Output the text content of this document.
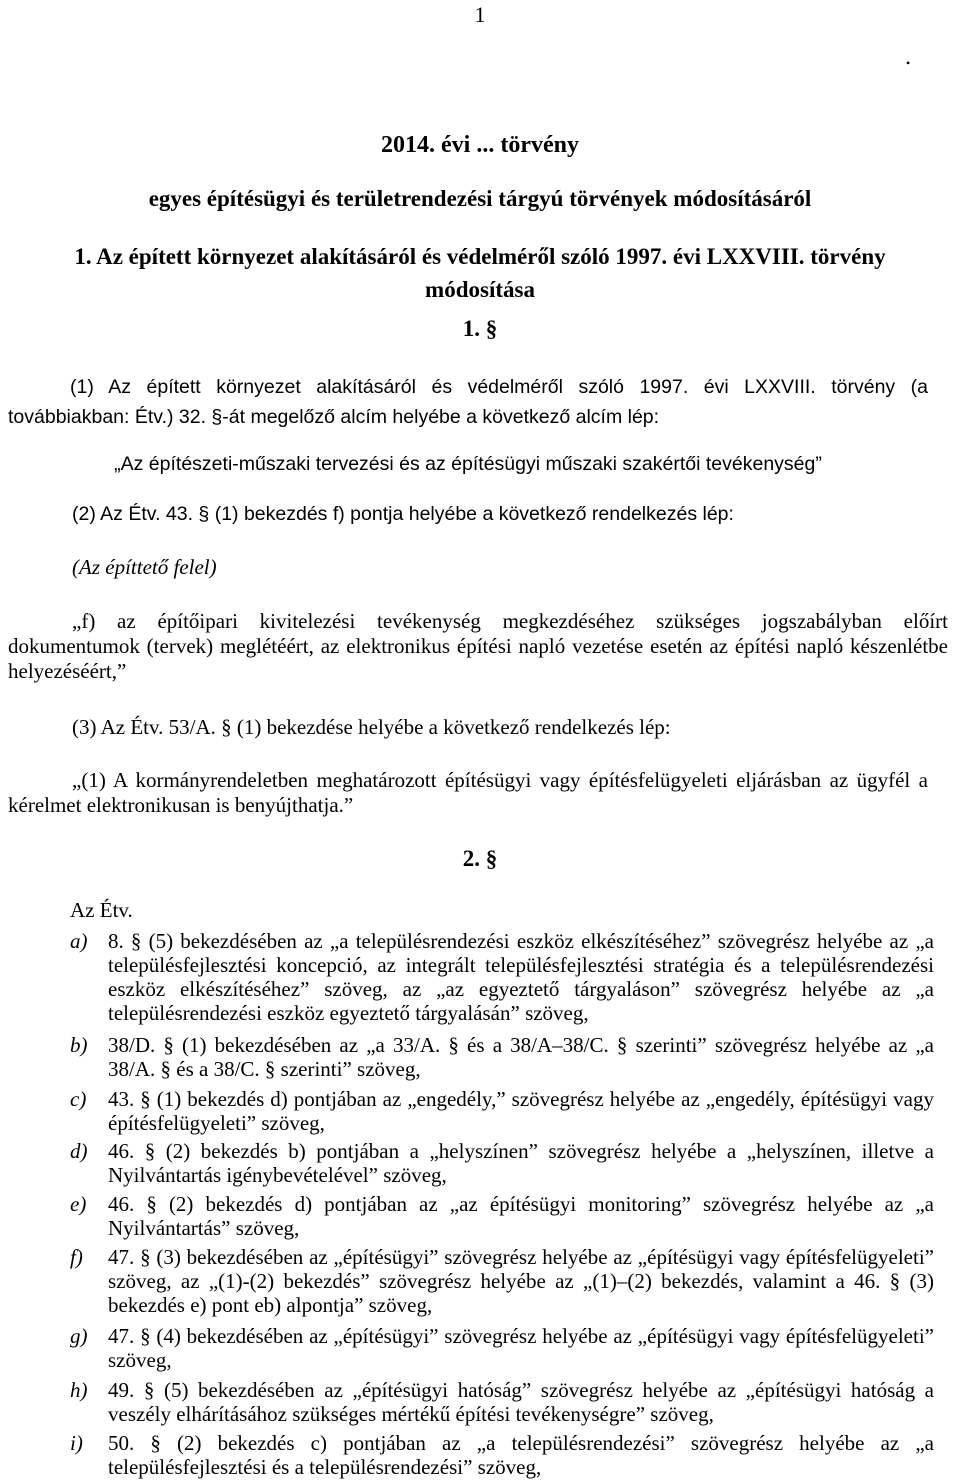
1
•
2014. évi ... törvény
egyes építésügyi és területrendezési tárgyú törvények módosításáról
1. Az épített környezet alakításáról és védelméről szóló 1997. évi LXXVIII. törvény
módosítása
1. §
(1) Az épített környezet alakításáról és védelméről szóló 1997. évi LXXVIII. törvény (a továbbiakban: Étv.) 32. §-át megelőző alcím helyébe a következő alcím lép:
„Az építészeti-műszaki tervezési és az építésügyi műszaki szakértői tevékenység”
(2) Az Étv. 43. § (1) bekezdés f) pontja helyébe a következő rendelkezés lép:
(Az építtető felel)
„f) az építőipari kivitelezési tevékenység megkezdéséhez szükséges jogszabályban előírt dokumentumok (tervek) meglétéért, az elektronikus építési napló vezetése esetén az építési napló készenlétbe helyezéséért,”
(3) Az Étv. 53/A. § (1) bekezdése helyébe a következő rendelkezés lép:
„(1) A kormányrendeletben meghatározott építésügyi vagy építésfelügyeleti eljárásban az ügyfél a kérelmet elektronikusan is benyújthatja.”
2. §
Az Étv.
a) 8. § (5) bekezdésében az „a településrendezési eszköz elkészítéséhez” szövegrész helyébe az „a településfejlesztési koncepció, az integrált településfejlesztési stratégia és a településrendezési eszköz elkészítéséhez” szöveg, az „az egyeztető tárgyaláson” szövegrész helyébe az „a településrendezési eszköz egyeztető tárgyalásán” szöveg,
b) 38/D. § (1) bekezdésében az „a 33/A. § és a 38/A–38/C. § szerinti” szövegrész helyébe az „a 38/A. § és a 38/C. § szerinti” szöveg,
c)	43. § (1) bekezdés d) pontjában az „engedély,” szövegrész helyébe az „engedély, építésügyi vagy építésfelügyeleti” szöveg,
d) 46. § (2) bekezdés b) pontjában a „helyszínen” szövegrész helyébe a „helyszínen, illetve a Nyilvántartás igénybevételével” szöveg,
e)	46. § (2) bekezdés d) pontjában az „az építésügyi monitoring” szövegrész helyébe az „a Nyilvántartás” szöveg,
f)	47. § (3) bekezdésében az „építésügyi” szövegrész helyébe az „építésügyi vagy építésfelügyeleti” szöveg, az „(1)-(2) bekezdés” szövegrész helyébe az „(1)–(2) bekezdés, valamint a 46. § (3) bekezdés e) pont eb) alpontja” szöveg,
g) 47. § (4) bekezdésében az „építésügyi” szövegrész helyébe az „építésügyi vagy építésfelügyeleti” szöveg,
h) 49. § (5) bekezdésében az „építésügyi hatóság” szövegrész helyébe az „építésügyi hatóság a veszély elhárításához szükséges mértékű építési tevékenységre” szöveg,
i)	50. § (2) bekezdés c) pontjában az „a településrendezési” szövegrész helyébe az „a településfejlesztési és a településrendezési” szöveg,
